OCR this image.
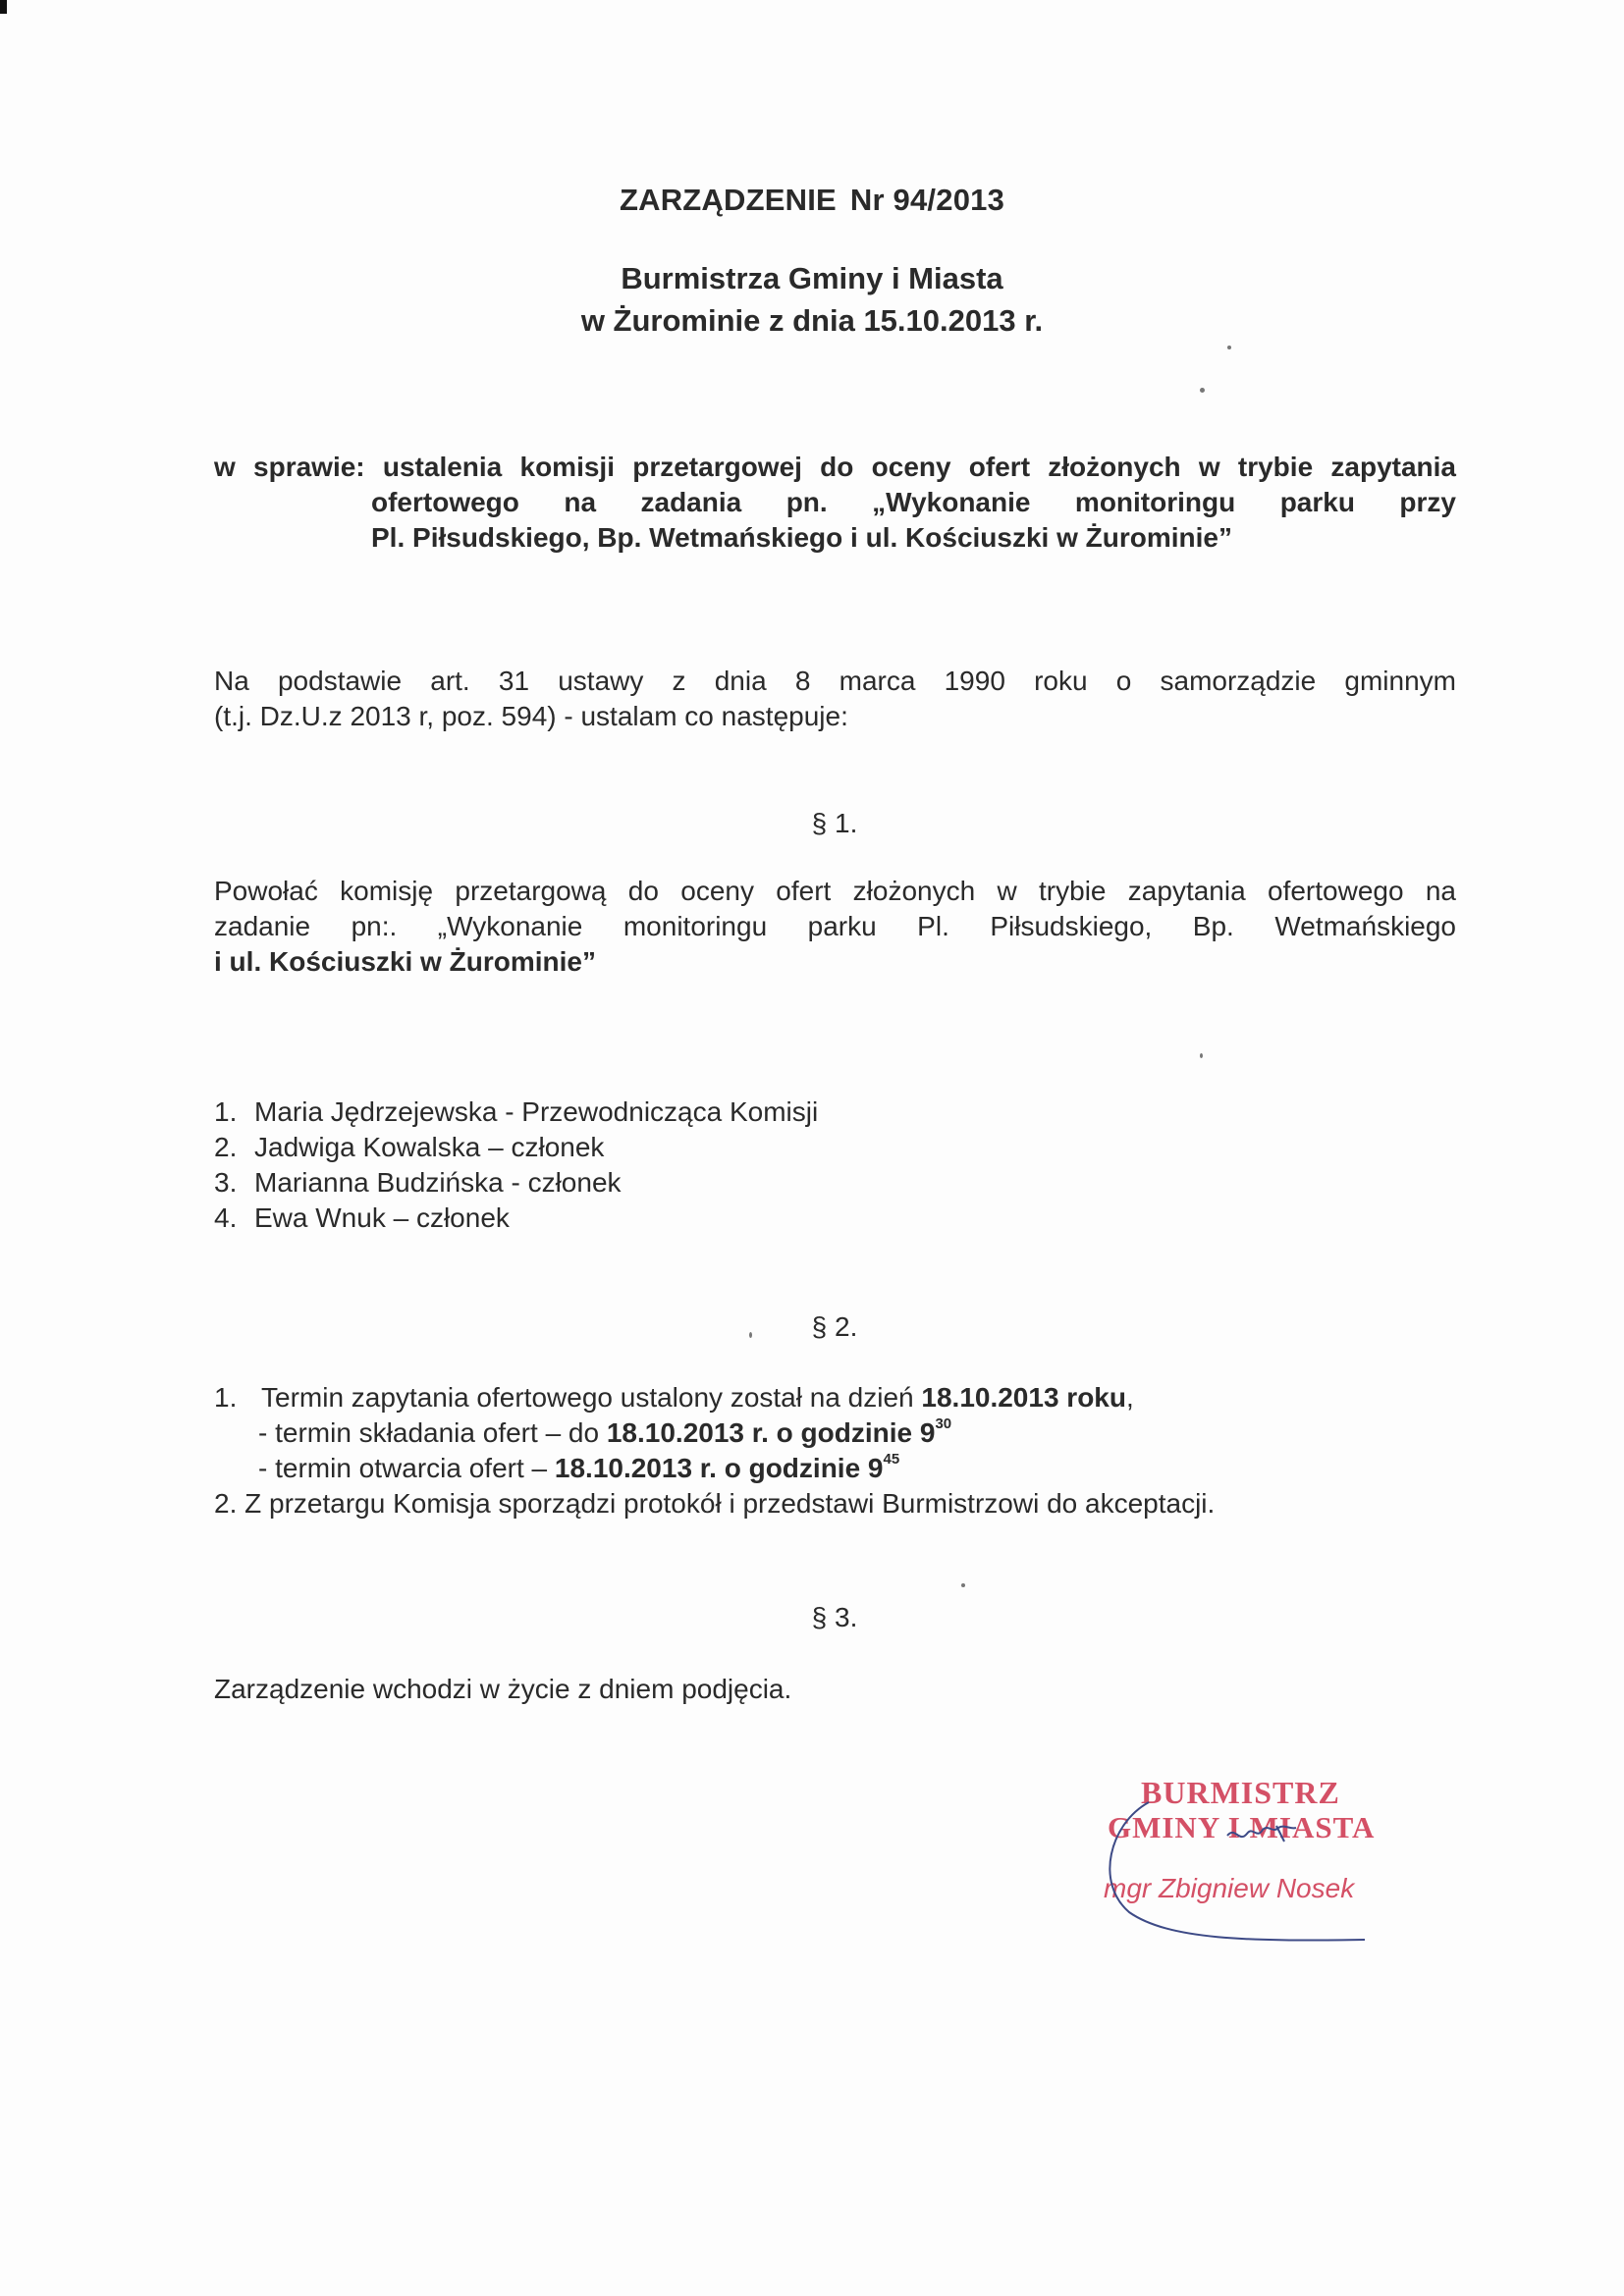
ZARZĄDZENIE Nr 94/2013
Burmistrza Gminy i Miasta
w Żurominie z dnia 15.10.2013 r.
w sprawie: ustalenia komisji przetargowej do oceny ofert złożonych w trybie zapytania
ofertowego na zadania pn. „Wykonanie monitoringu parku przy
Pl. Piłsudskiego, Bp. Wetmańskiego i ul. Kościuszki w Żurominie”
Na podstawie art. 31 ustawy z dnia 8 marca 1990 roku o samorządzie gminnym
(t.j. Dz.U.z 2013 r, poz. 594) - ustalam co następuje:
§ 1.
Powołać komisję przetargową do oceny ofert złożonych w trybie zapytania ofertowego na
zadanie pn:. „Wykonanie monitoringu parku Pl. Piłsudskiego, Bp. Wetmańskiego
i ul. Kościuszki w Żurominie”
1. Maria Jędrzejewska - Przewodnicząca Komisji
2. Jadwiga Kowalska – członek
3. Marianna Budzińska - członek
4. Ewa Wnuk – członek
§ 2.
1. Termin zapytania ofertowego ustalony został na dzień 18.10.2013 roku,
- termin składania ofert – do 18.10.2013 r. o godzinie $9^{30}$
- termin otwarcia ofert – 18.10.2013 r. o godzinie $9^{45}$
2. Z przetargu Komisja sporządzi protokół i przedstawi Burmistrzowi do akceptacji.
§ 3.
Zarządzenie wchodzi w życie z dniem podjęcia.
BURMISTRZ
GMINY I MIASTA
mgr Zbigniew Nosek
